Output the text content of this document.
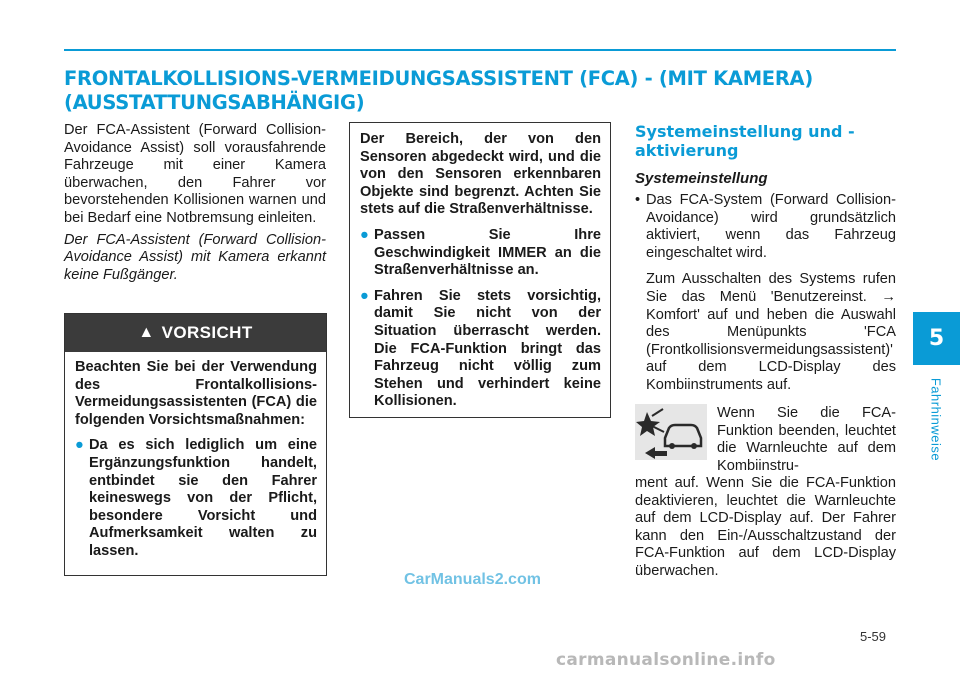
FRONTALKOLLISIONS-VERMEIDUNGSASSISTENT (FCA) - (MIT KAMERA)
(AUSSTATTUNGSABHÄNGIG)

Der FCA-Assistent (Forward Collision-Avoidance Assist) soll vorausfahrende Fahrzeuge mit einer Kamera überwachen, den Fahrer vor bevorstehenden Kollisionen warnen und bei Bedarf eine Notbremsung einleiten.

Der FCA-Assistent (Forward Collision-Avoidance Assist) mit Kamera erkannt keine Fußgänger.

▲ VORSICHT

Beachten Sie bei der Verwendung des Frontalkollisions-Vermeidungsassistenten (FCA) die folgenden Vorsichtsmaßnahmen:

● Da es sich lediglich um eine Ergänzungsfunktion handelt, entbindet sie den Fahrer keineswegs von der Pflicht, besondere Vorsicht und Aufmerksamkeit walten zu lassen.

Der Bereich, der von den Sensoren abgedeckt wird, und die von den Sensoren erkennbaren Objekte sind begrenzt. Achten Sie stets auf die Straßenverhältnisse.

● Passen Sie Ihre Geschwindigkeit IMMER an die Straßenverhältnisse an.
● Fahren Sie stets vorsichtig, damit Sie nicht von der Situation überrascht werden. Die FCA-Funktion bringt das Fahrzeug nicht völlig zum Stehen und verhindert keine Kollisionen.
Systemeinstellung und -aktivierung
Systemeinstellung
• Das FCA-System (Forward Collision-Avoidance) wird grundsätzlich aktiviert, wenn das Fahrzeug eingeschaltet wird.

Zum Ausschalten des Systems rufen Sie das Menü 'Benutzereinst. → Komfort' auf und heben die Auswahl des Menüpunkts 'FCA (Frontkollisionsvermeidungsassistent)' auf dem LCD-Display des Kombiinstruments auf.

Wenn Sie die FCA-Funktion beenden, leuchtet die Warnleuchte auf dem Kombiinstru-

ment auf. Wenn Sie die FCA-Funktion deaktivieren, leuchtet die Warnleuchte auf dem LCD-Display auf. Der Fahrer kann den Ein-/Ausschaltzustand der FCA-Funktion auf dem LCD-Display überwachen.

5
Fahrhinweise
CarManuals2.com
5-59
carmanualsonline.info
